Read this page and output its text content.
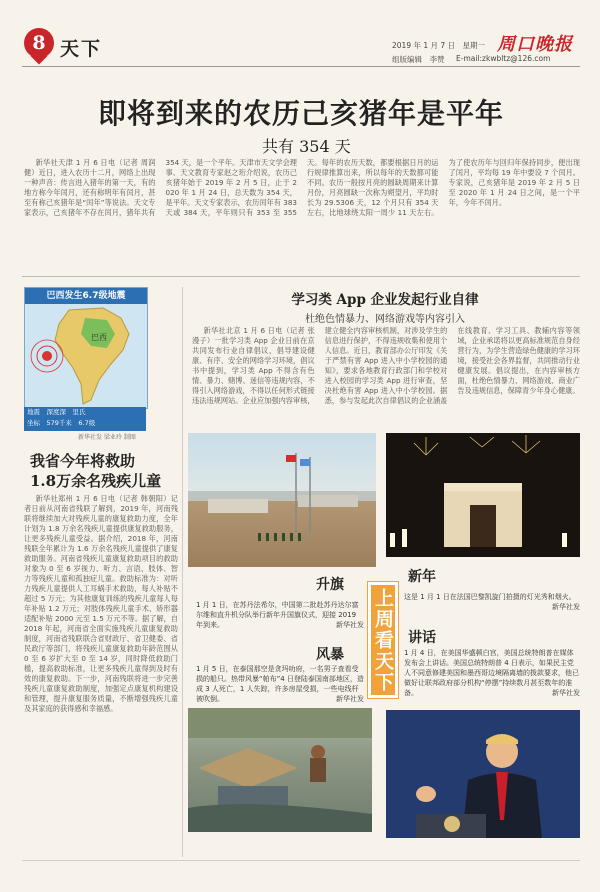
8 天下	2019 年 1 月 7 日　星期一
组版编辑　李赞 E-mail:zkwbltz@126.com
周口晚报
即将到来的农历己亥猪年是平年
共有 354 天

新华社天津 1 月 6 日电（记者 周润健）近日，进入农历十二月，网络上出现一种声音：传言进入猪年的第一天，有的地方称今年闰月，还有称明年有闰月，甚至有称己亥猪年是“闰年”等说法。天文专家表示，己亥猪年不存在闰月，猪年共有 354 天，是一个平年。天津市天文学会理事、天文教育专家赵之珩介绍说，农历己亥猪年始于 2019 年 2 月 5 日，止于 2020 年 1 月 24 日，总天数为 354 天，是平年。天文专家表示，农历闰年有 383 天或 384 天，平年则只有 353 至 355 天。每年的农历天数，都要根据日月的运行规律推算出来，所以每年的天数都可能不同。农历一般按月亮的圆缺周期来计算月份，月亮圆缺一次称为朔望月，平均时长为 29.5306 天，12 个月只有 354 天左右，比地球绕太阳一周少 11 天左右。为了使农历年与回归年保持同步，便出现了闰月，平均每 19 年中要设 7 个闰月。专家说，己亥猪年是 2019 年 2 月 5 日至 2020 年 1 月 24 日之间，是一个平年，今年不闰月。

巴西发生6.7级地震
巴西
地震　深度深　里氏
坐标　579千米　6.7级
新华社发 梁业玲 制图
我省今年将救助
1.8万余名残疾儿童

新华社郑州 1 月 6 日电（记者 韩朝阳）记者日前从河南省残联了解到，2019 年，河南残联将继续加大对残疾儿童的康复救助力度，全年计划为 1.8 万余名残疾儿童提供康复救助服务，让更多残疾儿童受益。据介绍，2018 年，河南残联全年累计为 1.6 万余名残疾儿童提供了康复救助服务。河南省残疾儿童康复救助项目的救助对象为 0 至 6 岁视力、听力、言语、肢体、智力等残疾儿童和孤独症儿童。救助标准为：对听力残疾儿童提供人工耳蜗手术救助，每人补贴不超过 5 万元；为其他康复训练的残疾儿童每人每年补贴 1.2 万元；对肢体残疾儿童手术、矫形器适配补贴 2000 元至 1.5 万元不等。据了解，自 2018 年起，河南省全面实施残疾儿童康复救助制度，河南省残联联合省财政厅、省卫健委、省民政厅等部门，将残疾儿童康复救助年龄范围从 0 至 6 岁扩大至 0 至 14 岁，同时降低救助门槛，提高救助标准，让更多残疾儿童得到及时有效的康复救助。下一步，河南残联将进一步完善残疾儿童康复救助制度，加强定点康复机构建设和管理，提升康复服务质量，不断增强残疾儿童及其家庭的获得感和幸福感。

学习类 App 企业发起行业自律
杜绝色情暴力、网络游戏等内容引入

新华社北京 1 月 6 日电（记者 张漫子）一批学习类 App 企业日前在京共同发布行业自律倡议，倡导建设健康、有序、安全的网络学习环境，倡议书中提到，学习类 App 不得含有色情、暴力、赌博、迷信等违规内容，不得引入网络游戏，不得以任何形式链接违法违规网站。企业应加强内容审核，建立健全内容审核机制，对涉及学生的信息进行保护，不得违规收集和使用个人信息。近日，教育部办公厅印发《关于严禁有害 App 进入中小学校园的通知》，要求各地教育行政部门和学校对进入校园的学习类 App 进行审查，坚决杜绝有害 App 进入中小学校园。据悉，参与发起此次自律倡议的企业涵盖在线教育、学习工具、教辅内容等领域，企业承诺将以更高标准规范自身经营行为，为学生营造绿色健康的学习环境，接受社会各界监督，共同推动行业健康发展。倡议提出，在内容审核方面，杜绝色情暴力、网络游戏、商业广告及违规信息，保障青少年身心健康。

升旗	新年
上周看天下
1 月 1 日，在苏丹法希尔，中国第二批赴苏丹达尔富尔维和直升机分队举行新年升国旗仪式，迎接 2019 年到来。	新华社发
这是 1 月 1 日在法国巴黎凯旋门拍摄的灯光秀和烟火。
新华社发
讲话
1 月 4 日，在美国华盛顿白宫，美国总统特朗普在媒体发布会上讲话。美国总统特朗普 4 日表示，如果民主党人不同意修建美国和墨西哥边境隔离墙的拨款要求，他已做好让联邦政府部分机构“停摆”持续数月甚至数年的准备。	新华社发
风暴
1 月 5 日，在泰国那空是贪玛叻府，一名男子查看受损的船只。热带风暴“帕布”4 日登陆泰国南部地区，造成 3 人死亡，1 人失踪，许多房屋受损，一些电线杆被吹倒。	新华社发
